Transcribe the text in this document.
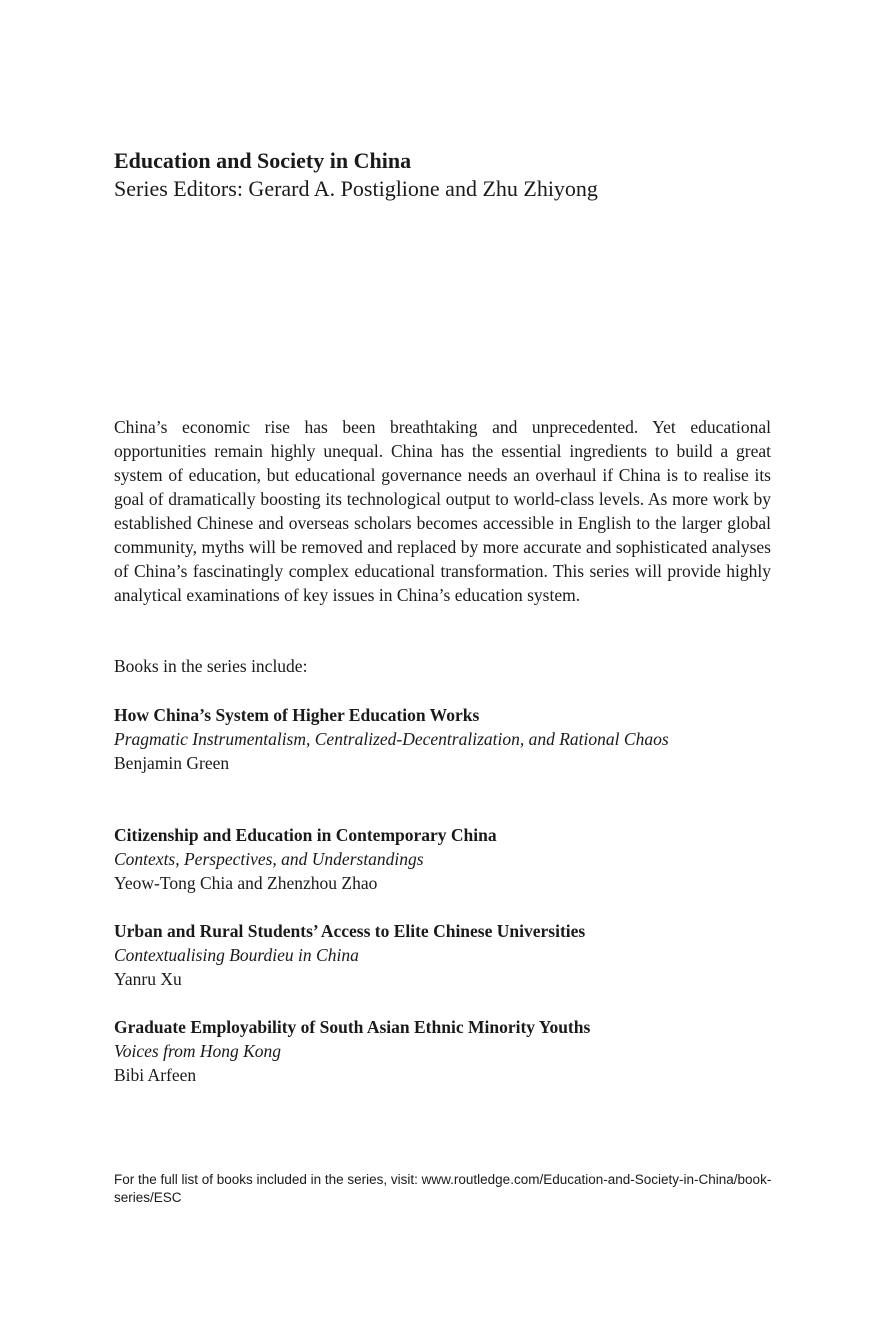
Education and Society in China
Series Editors: Gerard A. Postiglione and Zhu Zhiyong

China’s economic rise has been breathtaking and unprecedented. Yet educational opportunities remain highly unequal. China has the essential ingredients to build a great system of education, but educational governance needs an overhaul if China is to realise its goal of dramatically boosting its technological output to world-class levels. As more work by established Chinese and overseas scholars becomes accessible in English to the larger global community, myths will be removed and replaced by more accurate and sophisticated analyses of China’s fascinatingly complex educational transformation. This series will provide highly analytical examinations of key issues in China’s education system.

Books in the series include:
How China’s System of Higher Education Works
Pragmatic Instrumentalism, Centralized-Decentralization, and Rational Chaos
Benjamin Green
Citizenship and Education in Contemporary China
Contexts, Perspectives, and Understandings
Yeow-Tong Chia and Zhenzhou Zhao
Urban and Rural Students’ Access to Elite Chinese Universities
Contextualising Bourdieu in China
Yanru Xu
Graduate Employability of South Asian Ethnic Minority Youths
Voices from Hong Kong
Bibi Arfeen

For the full list of books included in the series, visit: www.routledge.com/Education-and-Society-in-China/book-series/ESC
